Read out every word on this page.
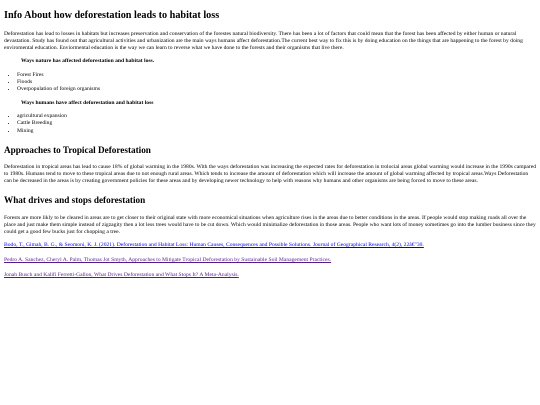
Info About how deforestation leads to habitat loss

Deforestation has lead to losses in habitats but increases preservation and conservation of the forestes natural biodiversity. There has been a lot of factors that could mean that the forest has been affected by either human or natural devastation. Study has found out that agricultural activities and urbanization are the main ways humans affect deforestation.The current best way to fix this is by doing education on the things that are happening to the forest by doing enviromental education. Enviormental education is the way we can learn to reverse what we have done to the forests and their organisms that live there.

Ways nature has affected deforestation and habitat loss.
• Forest Fires
• Floods
• Overpopulation of foreign organisms
Ways humans have affect deforestation and habitat loss
• agricultural expansion
• Cattle Breeding
• Mining
Approaches to Tropical Deforestation

Deforestation in tropical areas has lead to cause 18% of global warming in the 1980s. With the ways deforestation was increasing the expected rates for deforestation in trolocial areas global warming would increase in the 1990s campared to 1980s. Humans tend to move to these tropical areas due to not enough rural areas. Which tends to increase the amount of deforestation which will increase the amount of global warming affected by tropical areas.Ways Deforestation can be decreased in the areas is by creating government policies for these areas and by developing newer technology to help with reasons why humans and other organisms are being forced to move to these areas.

What drives and stops deforestation

Forests are more likly to be cleared in areas are to get closer to their original state with more economical situations when agriculture rises in the areas due to better conditions in the areas. If people would stop making roads all over the place and just make them simple instead of zigzagity then a lot less trees would have to be cut down. Which would minimalize deforestation in those areas. People who want lots of money sometimes go into the lumber business since they could get a good few bucks just for chopping a tree.

Bodo, T., Gimah, B. G., & Seomoni, K. J. (2021). Deforestation and Habitat Loss: Human Causes, Consequences and Possible Solutions. Journal of Geographical Research, 4(2), 22â€"30.

Pedro A. Sanchez, Cheryl A. Palm, Thomas Jot Smyth, Approaches to Mitigate Tropical Deforestation by Sustainable Soil Management Practices.

Jonah Busch and Kalifi Ferretti-Gallon, What Drives Deforestation and What Stops It? A Meta-Analysis.
